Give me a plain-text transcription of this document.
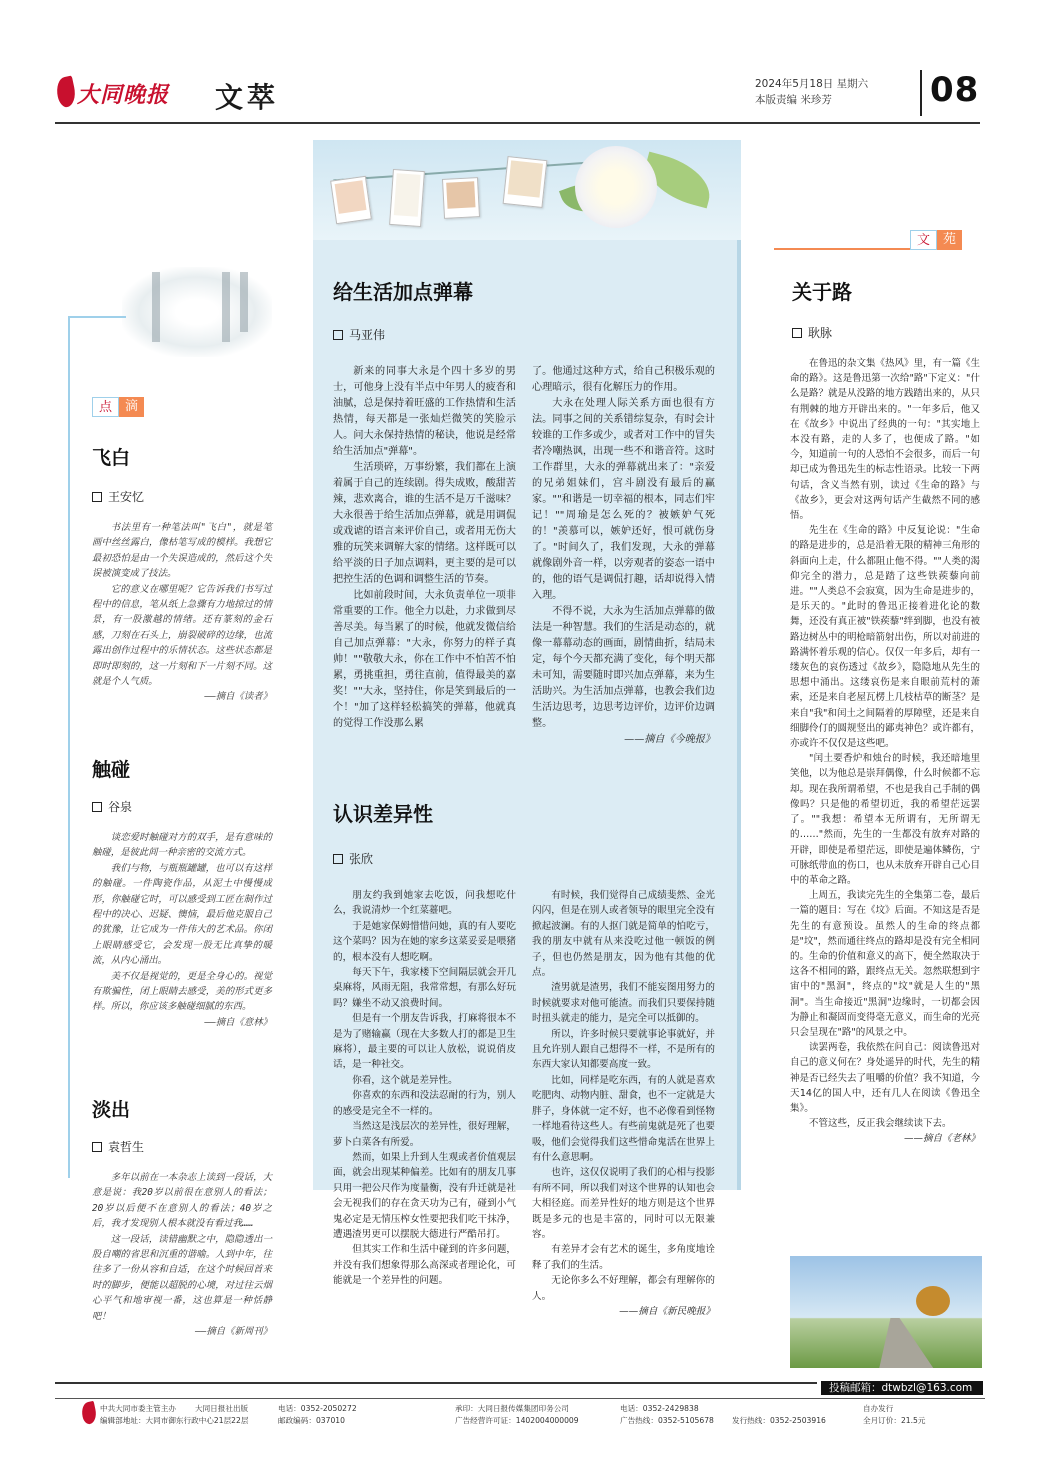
大同晚报 文萃	2024年5月18日 星期六
本版责编 米珍芳	08
点	滴
飞白
王安忆

书法里有一种笔法叫"飞白"，就是笔画中丝丝露白，像枯笔写成的模样。我想它最初恐怕是由一个失误造成的，然后这个失误被演变成了技法。

它的意义在哪里呢？它告诉我们书写过程中的信息，笔从纸上急骤有力地掠过的情景，有一股激越的情绪。还有篆刻的金石感，刀刻在石头上，崩裂破碎的边缘，也流露出创作过程中的乐情状态。这些状态都是即时即刻的，这一片刻和下一片刻不同。这就是个人气质。

——摘自《读者》
触碰
谷泉

谈恋爱时触碰对方的双手，是有意味的触碰，是彼此间一种亲密的交流方式。

我们与物，与瓶瓶罐罐，也可以有这样的触碰。一件陶瓷作品，从泥土中慢慢成形，你触碰它时，可以感受到工匠在制作过程中的决心、迟疑、懊恼，最后他克服自己的犹豫，让它成为一件伟大的艺术品。你闭上眼睛感受它，会发现一股无比真挚的暖流，从内心涌出。

美不仅是视觉的，更是全身心的。视觉有欺骗性，闭上眼睛去感受，美的形式更多样。所以，你应该多触碰细腻的东西。

——摘自《意林》
淡出
袁哲生

多年以前在一本杂志上读到一段话，大意是说：我20岁以前很在意别人的看法；20岁以后便不在意别人的看法；40岁之后，我才发现别人根本就没有看过我……

这一段话，读错幽默之中，隐隐透出一股自嘲的省思和沉重的谐喻。人到中年，往往多了一份从容和自适，在这个时候回首来时的脚步，便能以超脱的心境，对过往云烟心平气和地审视一番，这也算是一种恬静吧！

——摘自《新周刊》
给生活加点弹幕
马亚伟

新来的同事大永是个四十多岁的男士，可他身上没有半点中年男人的疲沓和油腻，总是保持着旺盛的工作热情和生活热情，每天都是一张灿烂微笑的笑脸示人。问大永保持热情的秘诀，他说是经常给生活加点"弹幕"。

生活琐碎，万事纷繁，我们都在上演着属于自己的连续剧。得失成败，酸甜苦辣，悲欢离合，谁的生活不是万千滋味？大永很善于给生活加点弹幕，就是用调侃或戏谑的语言来评价自己，或者用无伤大雅的玩笑来调解大家的情绪。这样既可以给平淡的日子加点调料，更主要的是可以把控生活的色调和调整生活的节奏。

比如前段时间，大永负责单位一项非常重要的工作。他全力以赴，力求做到尽善尽美。每当累了的时候，他就发微信给自己加点弹幕："大永，你努力的样子真帅！""敬敬大永，你在工作中不怕苦不怕累，勇挑重担，勇往直前，值得最美的嘉奖！""大永，坚持住，你是笑到最后的一个！"加了这样轻松搞笑的弹幕，他就真的觉得工作没那么累

了。他通过这种方式，给自己积极乐观的心理暗示，很有化解压力的作用。

大永在处理人际关系方面也很有方法。同事之间的关系错综复杂，有时会计较谁的工作多或少，或者对工作中的冒失者冷嘲热讽，出现一些不和谐音符。这时工作群里，大永的弹幕就出来了："亲爱的兄弟姐妹们，宫斗剧没有最后的赢家。""和谐是一切幸福的根本，同志们牢记！""周瑜是怎么死的？被嫉妒气死的！"羡慕可以，嫉妒还好，恨可就伤身了。"时间久了，我们发现，大永的弹幕就像剧外音一样，以旁观者的姿态一语中的，他的语气是调侃打趣，话却说得入情入理。

不得不说，大永为生活加点弹幕的做法是一种智慧。我们的生活是动态的，就像一幕幕动态的画面，剧情曲折，结局未定，每个今天都充满了变化，每个明天都未可知，需要随时即兴加点弹幕，来为生活助兴。为生活加点弹幕，也教会我们边生活边思考，边思考边评价，边评价边调整。

——摘自《今晚报》
认识差异性
张欣

朋友约我到她家去吃饭，问我想吃什么，我说清炒一个红菜薹吧。

于是她家保姆惜惜问她，真的有人要吃这个菜吗？因为在她的家乡这菜妥妥是喂猪的，根本没有人想吃啊。

每天下午，我家楼下空间隔层就会开几桌麻将，风雨无阻，我常常想，有那么好玩吗？嫌坐不动又浪费时间。

但是有一个朋友告诉我，打麻将很本不是为了赌输赢（现在大多数人打的都是卫生麻将），最主要的可以让人放松，说说俏皮话，是一种社交。

你看，这个就是差异性。

你喜欢的东西和没法忍耐的行为，别人的感受是完全不一样的。

当然这是浅层次的差异性，很好理解，萝卜白菜各有所爱。

然而，如果上升到人生观或者价值观层面，就会出现某种偏差。比如有的朋友几事只用一把公尺作为度量衡，没有升迁就是社会无视我们的存在贪天功为己有，碰到小气鬼必定是无情压榨女性要把我们吃干抹净，遭遇渣男更可以摆脱大德进行严酷吊打。

但其实工作和生活中碰到的许多问题，并没有我们想象得那么高深或者理论化，可能就是一个差异性的问题。

有时候，我们觉得自己成绩斐然、金光闪闪，但是在别人或者领导的眼里完全没有掀起波澜。有的人抠门就是简单的怕吃亏，我的朋友中就有从来没吃过他一顿饭的例子，但也仍然是朋友，因为他有其他的优点。

渣男就是渣男，我们不能妄图用努力的时候就要求对他可能渣。而我们只要保持随时扭头就走的能力，是完全可以抵御的。

所以，许多时候只要就事论事就好，并且允许别人跟自己想得不一样，不是所有的东西大家认知都要高度一致。

比如，同样是吃东西，有的人就是喜欢吃肥肉、动物内脏、甜食，也不一定就是大胖子，身体就一定不好，也不必像看到怪物一样地看待这些人。有些前鬼就是死了也要吸，他们会觉得我们这些惜命鬼活在世界上有什么意思啊。

也许，这仅仅说明了我们的心相与投影有所不同，所以我们对这个世界的认知也会大相径庭。而差异性好的地方则是这个世界既是多元的也是丰富的，同时可以无限兼容。

有差异才会有艺术的诞生，多角度地诠释了我们的生活。

无论你多么不好理解，都会有理解你的人。

——摘自《新民晚报》
文	苑
关于路
耿脉

在鲁迅的杂文集《热风》里，有一篇《生命的路》。这是鲁迅第一次给"路"下定义："什么是路？就是从没路的地方践踏出来的，从只有荆棘的地方开辟出来的。"一年多后，他又在《故乡》中说出了经典的一句："其实地上本没有路，走的人多了，也便成了路。"如今，知道前一句的人恐怕不会很多，而后一句却已成为鲁迅先生的标志性语录。比较一下两句话，含义当然有别，读过《生命的路》与《故乡》，更会对这两句话产生截然不同的感悟。

先生在《生命的路》中反复论说："生命的路是进步的，总是沿着无限的精神三角形的斜面向上走，什么都阻止他不得。""人类的渴仰完全的潜力，总是踏了这些铁蒺藜向前进。""人类总不会寂寞，因为生命是进步的，是乐天的。"此时的鲁迅正接着进化论的数舞，还没有真正被"铁蒺藜"绊到脚，也没有被路边树丛中的明枪暗箭射出伤，所以对前进的路满怀着乐观的信心。仅仅一年多后，却有一缕灰色的哀伤透过《故乡》，隐隐地从先生的思想中涌出。这缕哀伤是来自眼前荒村的萧索，还是来自老屋瓦楞上几枝枯草的断茎？是来自"我"和闰土之间隔着的厚障壁，还是来自细脚伶仃的圆规竖出的鄙夷神色？或许都有，亦或许不仅仅是这些吧。

"闰土要香炉和烛台的时候，我还暗地里笑他，以为他总是崇拜偶像，什么时候都不忘却。现在我所谓希望，不也是我自己手制的偶像吗？只是他的希望切近，我的希望茫远罢了。""我想：希望本无所谓有，无所谓无的……"然而，先生的一生都没有放弃对路的开辟，即使是希望茫远，即使是遍体鳞伤，宁可脉纸带血的伤口，也从未放弃开辟自己心目中的革命之路。

上周五，我读完先生的全集第二卷，最后一篇的题目：写在《坟》后面。不知这是否是先生的有意预设。虽然人的生命的终点都是"坟"，然而通往终点的路却是没有完全相同的。生命的价值和意义的高下，便全然取决于这各不相同的路，跟终点无关。忽然联想到宇宙中的"黑洞"，终点的"坟"就是人生的"黑洞"。当生命接近"黑洞"边缘时，一切都会因为静止和凝固而变得毫无意义，而生命的光亮只会呈现在"路"的风景之中。

读罢两卷，我依然在问自己：阅读鲁迅对自己的意义何在？身处遥异的时代，先生的精神是否已经失去了咀嚼的价值？我不知道，今天14亿的国人中，还有几人在阅读《鲁迅全集》。

不管这些，反正我会继续读下去。

——摘自《老林》
投稿邮箱：dtwbzl@163.com
中共大同市委主管主办	大同日报社出版	电话：0352-2050272	承印：大同日报传媒集团印务公司	电话：0352-2429838	自办发行
编辑部地址：大同市御东行政中心21层22层	邮政编码：037010	广告经营许可证：1402004000009	广告热线：0352-5105678 发行热线：0352-2503916	全月订价：21.5元
